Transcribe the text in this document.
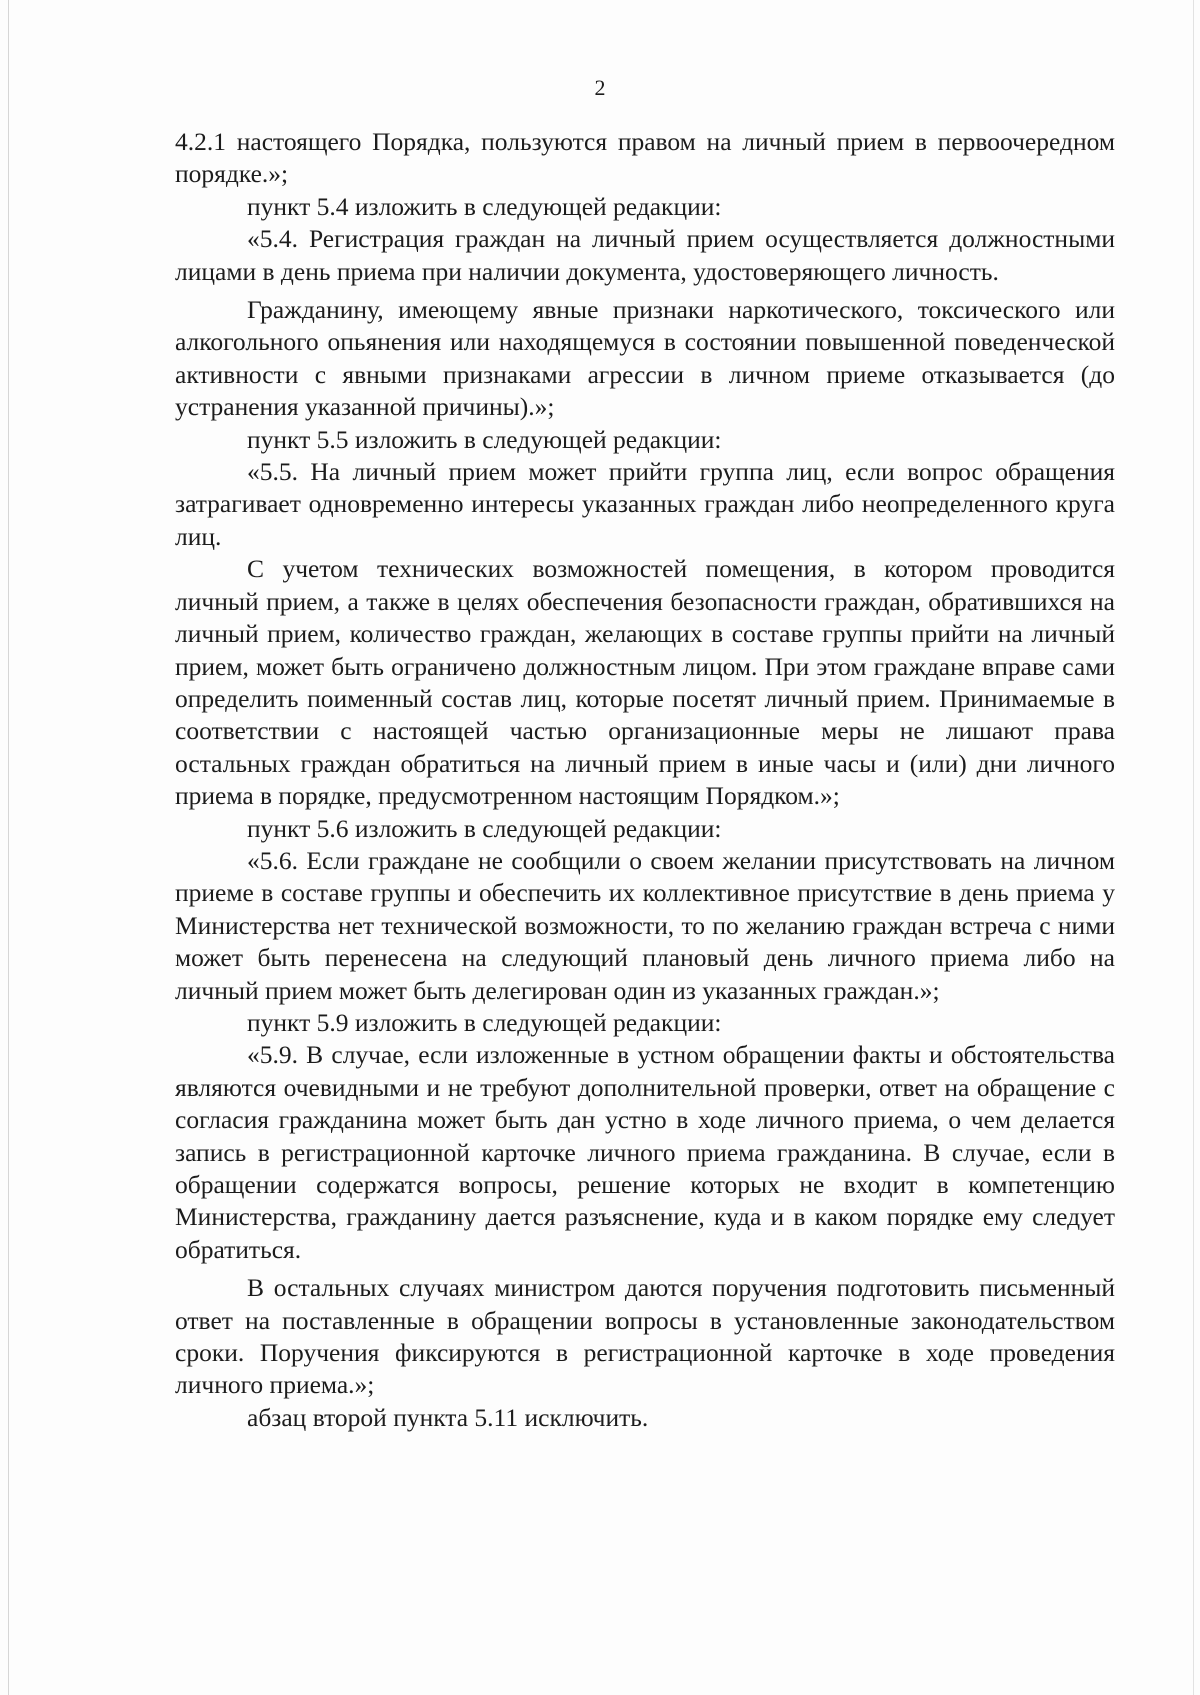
2

4.2.1 настоящего Порядка, пользуются правом на личный прием в первоочередном порядке.»;

пункт 5.4 изложить в следующей редакции:

«5.4. Регистрация граждан на личный прием осуществляется должностными лицами в день приема при наличии документа, удостоверяющего личность.

Гражданину, имеющему явные признаки наркотического, токсического или алкогольного опьянения или находящемуся в состоянии повышенной поведенческой активности с явными признаками агрессии в личном приеме отказывается (до устранения указанной причины).»;

пункт 5.5 изложить в следующей редакции:

«5.5. На личный прием может прийти группа лиц, если вопрос обращения затрагивает одновременно интересы указанных граждан либо неопределенного круга лиц.

С учетом технических возможностей помещения, в котором проводится личный прием, а также в целях обеспечения безопасности граждан, обратившихся на личный прием, количество граждан, желающих в составе группы прийти на личный прием, может быть ограничено должностным лицом. При этом граждане вправе сами определить поименный состав лиц, которые посетят личный прием. Принимаемые в соответствии с настоящей частью организационные меры не лишают права остальных граждан обратиться на личный прием в иные часы и (или) дни личного приема в порядке, предусмотренном настоящим Порядком.»;

пункт 5.6 изложить в следующей редакции:

«5.6. Если граждане не сообщили о своем желании присутствовать на личном приеме в составе группы и обеспечить их коллективное присутствие в день приема у Министерства нет технической возможности, то по желанию граждан встреча с ними может быть перенесена на следующий плановый день личного приема либо на личный прием может быть делегирован один из указанных граждан.»;

пункт 5.9 изложить в следующей редакции:

«5.9. В случае, если изложенные в устном обращении факты и обстоятельства являются очевидными и не требуют дополнительной проверки, ответ на обращение с согласия гражданина может быть дан устно в ходе личного приема, о чем делается запись в регистрационной карточке личного приема гражданина. В случае, если в обращении содержатся вопросы, решение которых не входит в компетенцию Министерства, гражданину дается разъяснение, куда и в каком порядке ему следует обратиться.

В остальных случаях министром даются поручения подготовить письменный ответ на поставленные в обращении вопросы в установленные законодательством сроки. Поручения фиксируются в регистрационной карточке в ходе проведения личного приема.»;

абзац второй пункта 5.11 исключить.
